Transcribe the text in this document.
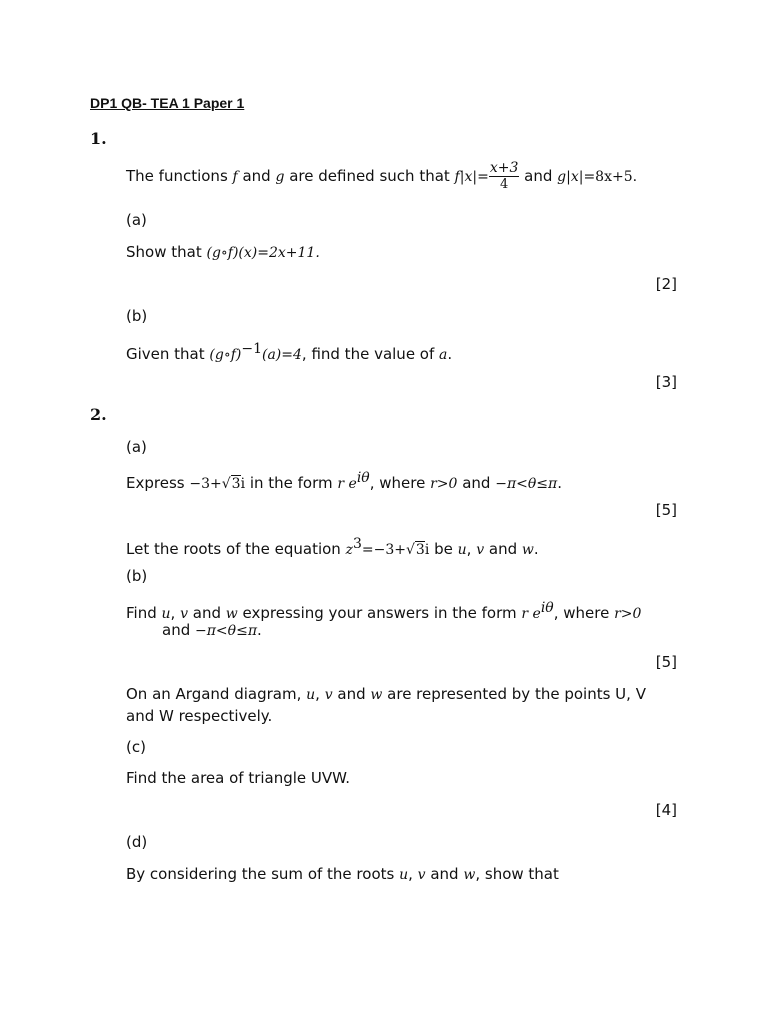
DP1 QB- TEA 1 Paper 1
1.
The functions f and g are defined such that $f|x|= \frac{x+3}{4}$ and g|x|=8x+5.
(a)
Show that (g∘f)(x)=2x+11.
[2]
(b)
Given that (g∘f)$^{-1}$(a)=4, find the value of a.
[3]
2.
(a)
Express −3+√3i in the form r $e^{i\theta}$, where r>0 and −π<θ≤π.
[5]
Let the roots of the equation $z^3=-3+√3i$ be u, v and w.
(b)
Find u, v and w expressing your answers in the form r $e^{i\theta}$, where r>0
and −π<θ≤π.
[5]
On an Argand diagram, u, v and w are represented by the points U, V and W respectively.
(c)
Find the area of triangle UVW.
[4]
(d)
By considering the sum of the roots u, v and w, show that
